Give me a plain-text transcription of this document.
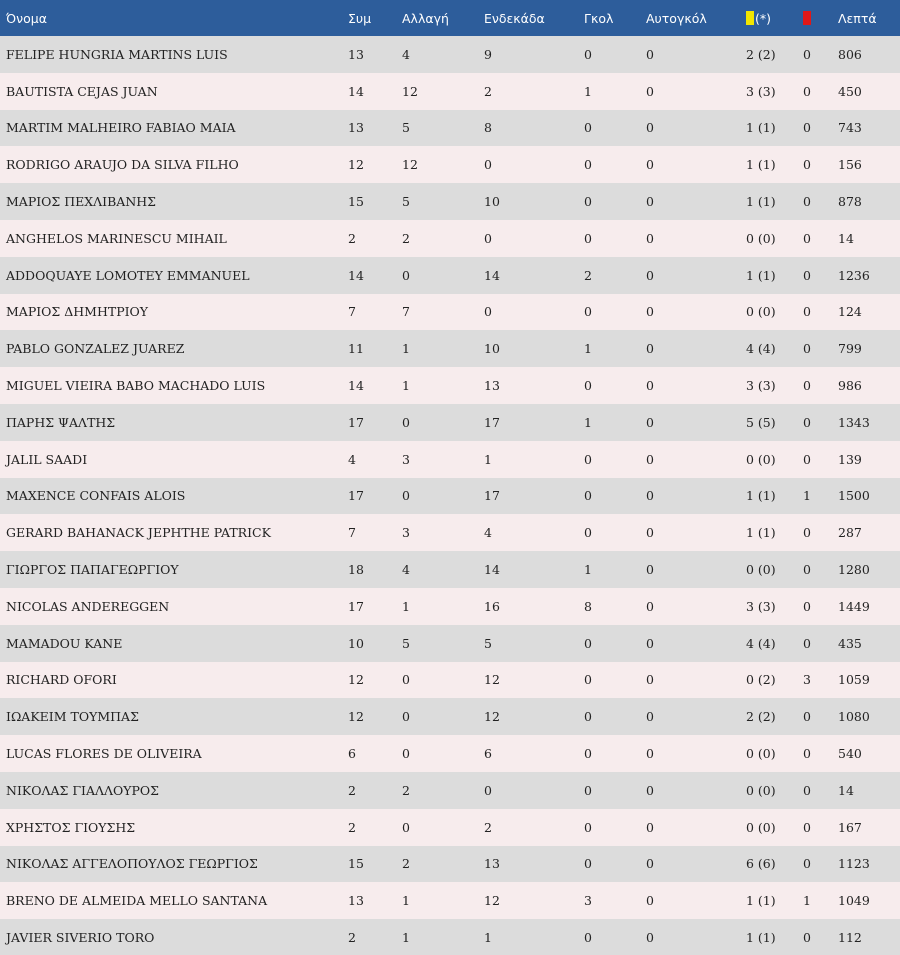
Όνομα	Συμ	Αλλαγή	Ενδεκάδα	Γκολ	Αυτογκόλ	(*)		Λεπτά
FELIPE HUNGRIA MARTINS LUIS	13	4	9	0	0	2 (2)	0	806
BAUTISTA CEJAS JUAN	14	12	2	1	0	3 (3)	0	450
MARTIM MALHEIRO FABIAO MAIA	13	5	8	0	0	1 (1)	0	743
RODRIGO ARAUJO DA SILVA FILHO	12	12	0	0	0	1 (1)	0	156
ΜΑΡΙΟΣ ΠΕΧΛΙΒΑΝΗΣ	15	5	10	0	0	1 (1)	0	878
ANGHELOS MARINESCU MIHAIL	2	2	0	0	0	0 (0)	0	14
ADDOQUAYE LOMOTEY EMMANUEL	14	0	14	2	0	1 (1)	0	1236
ΜΑΡΙΟΣ ΔΗΜΗΤΡΙΟΥ	7	7	0	0	0	0 (0)	0	124
PABLO GONZALEZ JUAREZ	11	1	10	1	0	4 (4)	0	799
MIGUEL VIEIRA BABO MACHADO LUIS	14	1	13	0	0	3 (3)	0	986
ΠΑΡΗΣ ΨΑΛΤΗΣ	17	0	17	1	0	5 (5)	0	1343
JALIL SAADI	4	3	1	0	0	0 (0)	0	139
MAXENCE CONFAIS ALOIS	17	0	17	0	0	1 (1)	1	1500
GERARD BAHANACK JEPHTHE PATRICK	7	3	4	0	0	1 (1)	0	287
ΓΙΩΡΓΟΣ ΠΑΠΑΓΕΩΡΓΙΟΥ	18	4	14	1	0	0 (0)	0	1280
NICOLAS ANDEREGGEN	17	1	16	8	0	3 (3)	0	1449
MAMADOU KANE	10	5	5	0	0	4 (4)	0	435
RICHARD OFORI	12	0	12	0	0	0 (2)	3	1059
ΙΩΑΚΕΙΜ ΤΟΥΜΠΑΣ	12	0	12	0	0	2 (2)	0	1080
LUCAS FLORES DE OLIVEIRA	6	0	6	0	0	0 (0)	0	540
ΝΙΚΟΛΑΣ ΓΙΑΛΛΟΥΡΟΣ	2	2	0	0	0	0 (0)	0	14
ΧΡΗΣΤΟΣ ΓΙΟΥΣΗΣ	2	0	2	0	0	0 (0)	0	167
ΝΙΚΟΛΑΣ ΑΓΓΕΛΟΠΟΥΛΟΣ ΓΕΩΡΓΙΟΣ	15	2	13	0	0	6 (6)	0	1123
BRENO DE ALMEIDA MELLO SANTANA	13	1	12	3	0	1 (1)	1	1049
JAVIER SIVERIO TORO	2	1	1	0	0	1 (1)	0	112
